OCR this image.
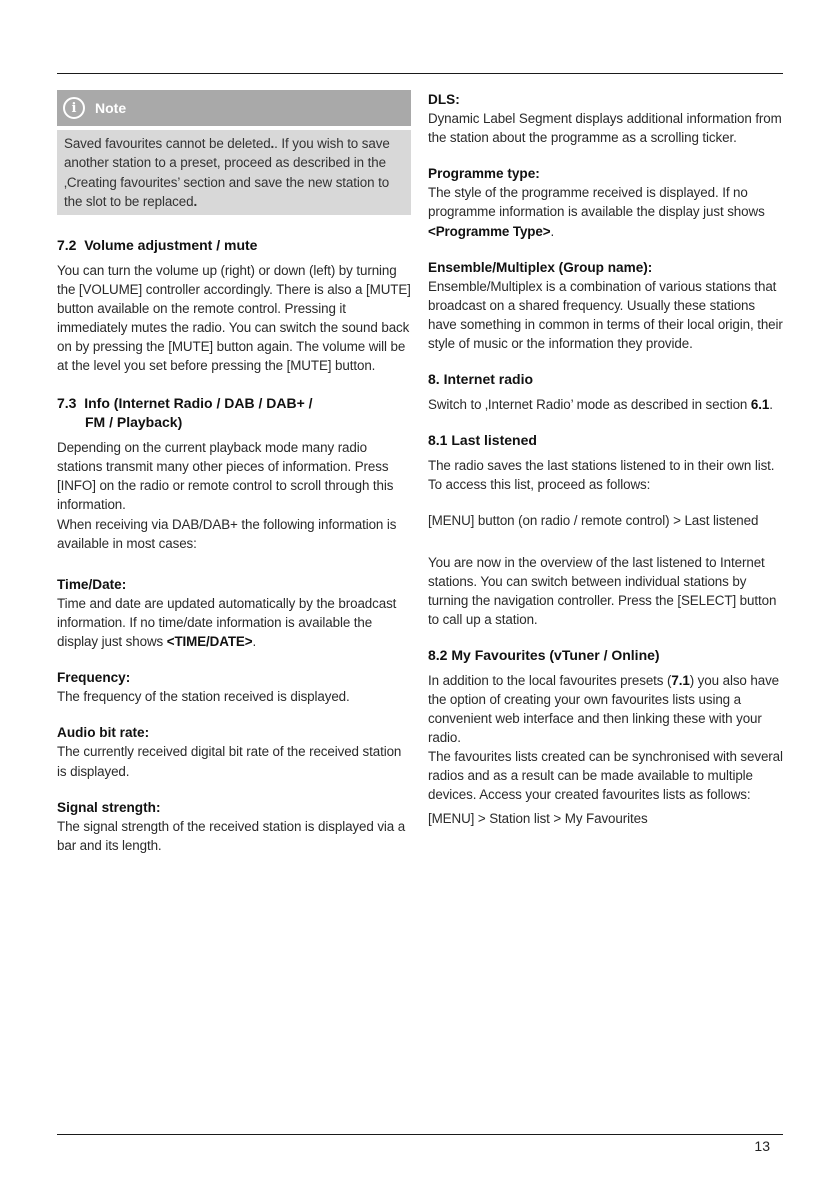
i	Note

Saved favourites cannot be deleted.. If you wish to save another station to a preset, proceed as described in the ‚Creating favourites’ section and save the new station to the slot to be replaced.

7.2  Volume adjustment / mute

You can turn the volume up (right) or down (left) by turning the [VOLUME] controller accordingly. There is also a [MUTE] button available on the remote control. Pressing it immediately mutes the radio. You can switch the sound back on by pressing the [MUTE] button again. The volume will be at the level you set before pressing the [MUTE] button.

7.3  Info (Internet Radio / DAB / DAB+ /
FM / Playback)

Depending on the current playback mode many radio stations transmit many other pieces of information. Press [INFO] on the radio or remote control to scroll through this information.

When receiving via DAB/DAB+ the following information is available in most cases:

Time/Date:

Time and date are updated automatically by the broadcast information. If no time/date information is available the display just shows <TIME/DATE>.

Frequency:

The frequency of the station received is displayed.

Audio bit rate:

The currently received digital bit rate of the received station is displayed.

Signal strength:

The signal strength of the received station is displayed via a bar and its length.

DLS:

Dynamic Label Segment displays additional information from the station about the programme as a scrolling ticker.

Programme type:

The style of the programme received is displayed. If no programme information is available the display just shows <Programme Type>.

Ensemble/Multiplex (Group name):

Ensemble/Multiplex is a combination of various stations that broadcast on a shared frequency. Usually these stations have something in common in terms of their local origin, their style of music or the information they provide.

8. Internet radio

Switch to ‚Internet Radio’ mode as described in section 6.1.

8.1 Last listened

The radio saves the last stations listened to in their own list. To access this list, proceed as follows:

[MENU] button (on radio / remote control) > Last listened

You are now in the overview of the last listened to Internet stations. You can switch between individual stations by turning the navigation controller. Press the [SELECT] button to call up a station.

8.2 My Favourites (vTuner / Online)

In addition to the local favourites presets (7.1) you also have the option of creating your own favourites lists using a convenient web interface and then linking these with your radio.

The favourites lists created can be synchronised with several radios and as a result can be made available to multiple devices. Access your created favourites lists as follows:

[MENU] > Station list > My Favourites

13
